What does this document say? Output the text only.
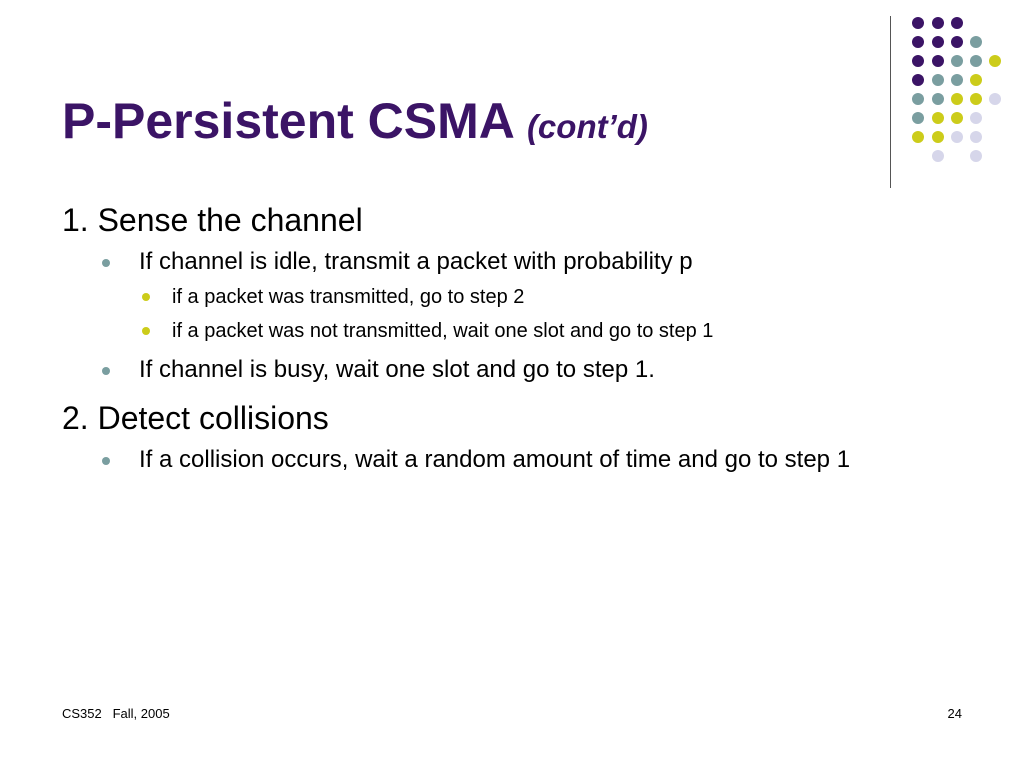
P-Persistent CSMA (cont’d)

1. Sense the channel

If channel is idle, transmit a packet with probability p
if a packet was transmitted, go to step 2
if a packet was not transmitted, wait one slot and go to step 1
If channel is busy, wait one slot and go to step 1.

2. Detect collisions

If a collision occurs, wait a random amount of time and go to step 1
CS352   Fall, 2005	24
